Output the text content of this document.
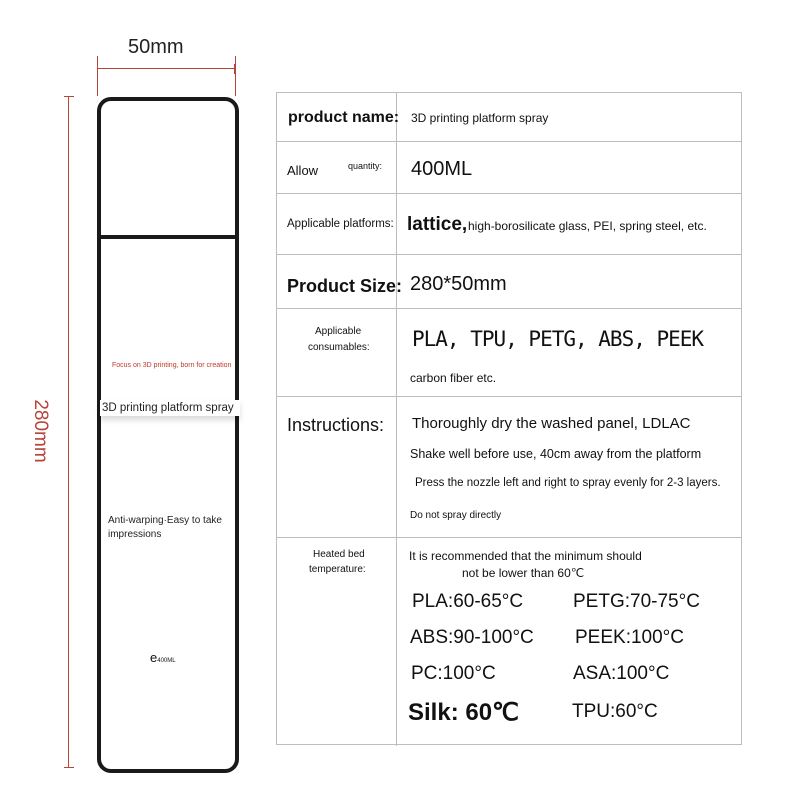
50mm
280mm
Focus on 3D printing, born for creation
3D printing platform spray
Anti-warping·Easy to take impressions
e400ML
product name: 3D printing platform spray
Allow	quantity: 400ML
Applicable platforms: lattice, high-borosilicate glass, PEI, spring steel, etc.
Product Size: 280*50mm
Applicable
consumables: PLA, TPU, PETG, ABS, PEEK
carbon fiber etc.
Instructions: Thoroughly dry the washed panel, LDLAC
Shake well before use, 40cm away from the platform
Press the nozzle left and right to spray evenly for 2-3 layers.
Do not spray directly
Heated bed
temperature:
It is recommended that the minimum should
not be lower than 60℃
PLA:60-65°C	PETG:70-75°C
ABS:90-100°C PEEK:100°C
PC:100°C	ASA:100°C
Silk: 60℃	TPU:60°C
